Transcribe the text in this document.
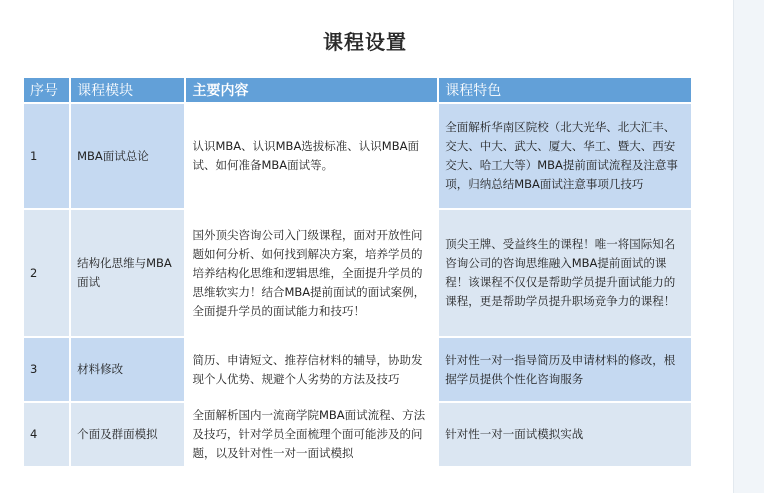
课程设置
序号	课程模块	主要内容	课程特色
1	MBA面试总论	认识MBA、认识MBA选拔标准、认识MBA面试、如何准备MBA面试等。	全面解析华南区院校（北大光华、北大汇丰、交大、中大、武大、厦大、华工、暨大、西安交大、哈工大等）MBA提前面试流程及注意事项，归纳总结MBA面试注意事项几技巧
2	结构化思维与MBA面试	国外顶尖咨询公司入门级课程，面对开放性问题如何分析、如何找到解决方案，培养学员的培养结构化思维和逻辑思维，全面提升学员的思维软实力！结合MBA提前面试的面试案例，全面提升学员的面试能力和技巧！	顶尖王牌、受益终生的课程！唯一将国际知名咨询公司的咨询思维融入MBA提前面试的课程！该课程不仅仅是帮助学员提升面试能力的课程，更是帮助学员提升职场竞争力的课程！
3	材料修改	简历、申请短文、推荐信材料的辅导，协助发现个人优势、规避个人劣势的方法及技巧	针对性一对一指导简历及申请材料的修改，根据学员提供个性化咨询服务
4	个面及群面模拟	全面解析国内一流商学院MBA面试流程、方法及技巧，针对学员全面梳理个面可能涉及的问题，以及针对性一对一面试模拟	针对性一对一面试模拟实战
